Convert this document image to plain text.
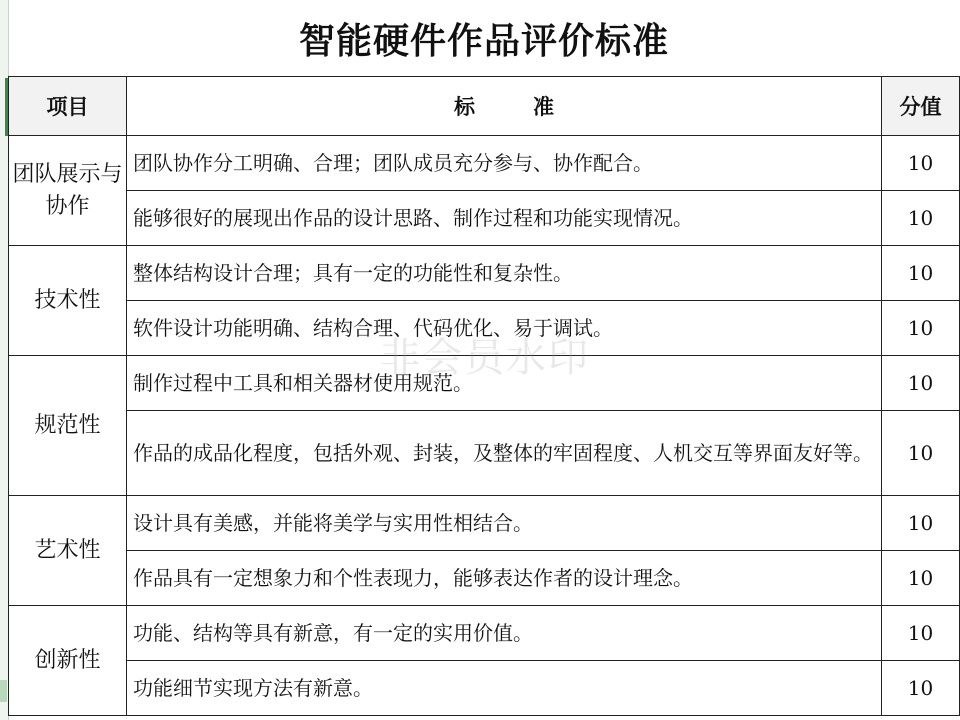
智能硬件作品评价标准
项目	标准	分值
团队展示与协作	团队协作分工明确、合理；团队成员充分参与、协作配合。	10
	能够很好的展现出作品的设计思路、制作过程和功能实现情况。	10
技术性	整体结构设计合理；具有一定的功能性和复杂性。	10
	软件设计功能明确、结构合理、代码优化、易于调试。	10
规范性	制作过程中工具和相关器材使用规范。	10
	作品的成品化程度，包括外观、封装，及整体的牢固程度、人机交互等界面友好等。	10
艺术性	设计具有美感，并能将美学与实用性相结合。	10
	作品具有一定想象力和个性表现力，能够表达作者的设计理念。	10
创新性	功能、结构等具有新意，有一定的实用价值。	10
	功能细节实现方法有新意。	10
非会员水印
